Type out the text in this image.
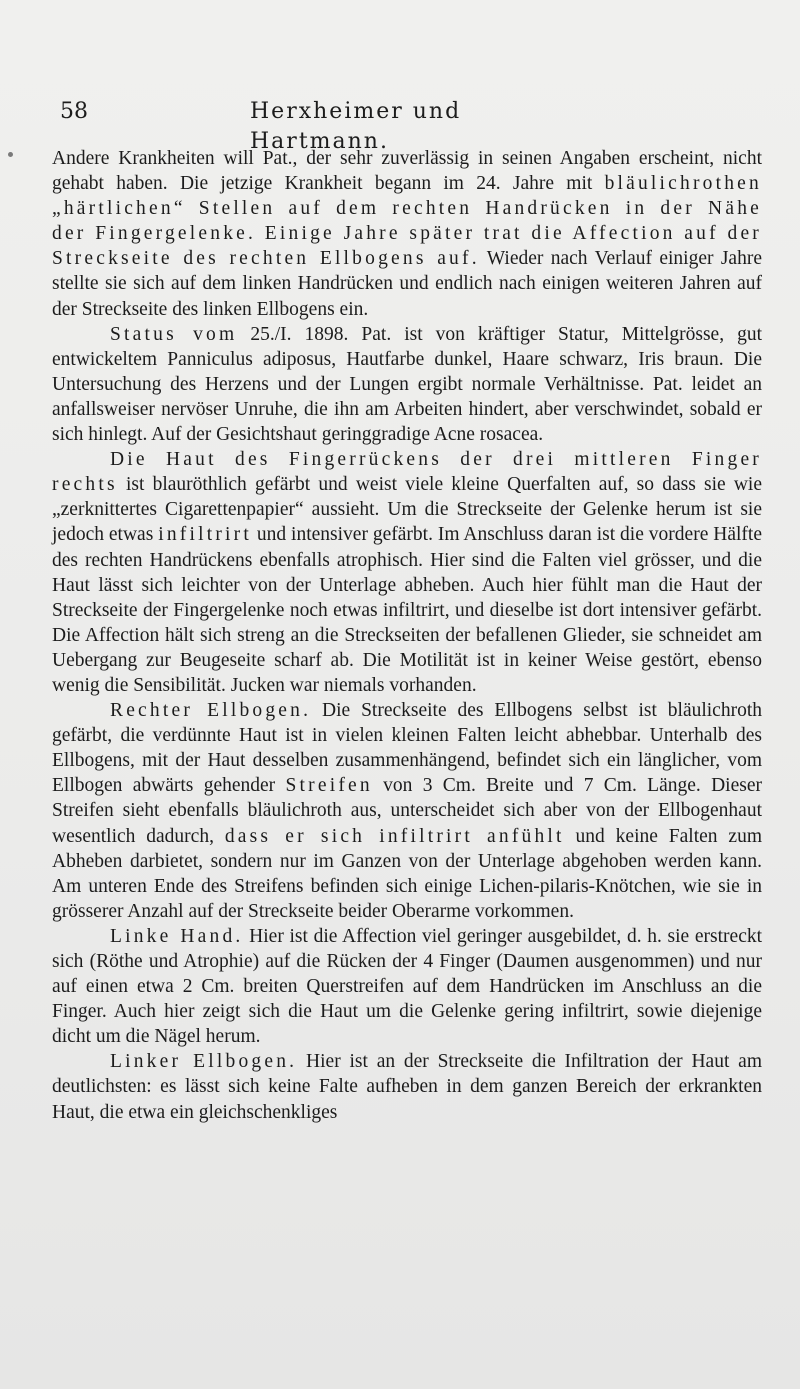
58	Herxheimer und Hartmann.

Andere Krankheiten will Pat., der sehr zuverlässig in seinen Angaben erscheint, nicht gehabt haben. Die jetzige Krankheit begann im 24. Jahre mit bläulichrothen „härtlichen“ Stellen auf dem rechten Handrücken in der Nähe der Fingergelenke. Einige Jahre später trat die Affection auf der Streckseite des rechten Ellbogens auf. Wieder nach Verlauf einiger Jahre stellte sie sich auf dem linken Handrücken und endlich nach einigen weiteren Jahren auf der Streckseite des linken Ellbogens ein.

Status vom 25./I. 1898. Pat. ist von kräftiger Statur, Mittelgrösse, gut entwickeltem Panniculus adiposus, Hautfarbe dunkel, Haare schwarz, Iris braun. Die Untersuchung des Herzens und der Lungen ergibt normale Verhältnisse. Pat. leidet an anfallsweiser nervöser Unruhe, die ihn am Arbeiten hindert, aber verschwindet, sobald er sich hinlegt. Auf der Gesichtshaut geringgradige Acne rosacea.

Die Haut des Fingerrückens der drei mittleren Finger rechts ist blauröthlich gefärbt und weist viele kleine Querfalten auf, so dass sie wie „zerknittertes Cigarettenpapier“ aussieht. Um die Streckseite der Gelenke herum ist sie jedoch etwas infiltrirt und intensiver gefärbt. Im Anschluss daran ist die vordere Hälfte des rechten Handrückens ebenfalls atrophisch. Hier sind die Falten viel grösser, und die Haut lässt sich leichter von der Unterlage abheben. Auch hier fühlt man die Haut der Streckseite der Fingergelenke noch etwas infiltrirt, und dieselbe ist dort intensiver gefärbt. Die Affection hält sich streng an die Streckseiten der befallenen Glieder, sie schneidet am Uebergang zur Beugeseite scharf ab. Die Motilität ist in keiner Weise gestört, ebenso wenig die Sensibilität. Jucken war niemals vorhanden.

Rechter Ellbogen. Die Streckseite des Ellbogens selbst ist bläulichroth gefärbt, die verdünnte Haut ist in vielen kleinen Falten leicht abhebbar. Unterhalb des Ellbogens, mit der Haut desselben zusammenhängend, befindet sich ein länglicher, vom Ellbogen abwärts gehender Streifen von 3 Cm. Breite und 7 Cm. Länge. Dieser Streifen sieht ebenfalls bläulichroth aus, unterscheidet sich aber von der Ellbogenhaut wesentlich dadurch, dass er sich infiltrirt anfühlt und keine Falten zum Abheben darbietet, sondern nur im Ganzen von der Unterlage abgehoben werden kann. Am unteren Ende des Streifens befinden sich einige Lichen-pilaris-Knötchen, wie sie in grösserer Anzahl auf der Streckseite beider Oberarme vorkommen.

Linke Hand. Hier ist die Affection viel geringer ausgebildet, d. h. sie erstreckt sich (Röthe und Atrophie) auf die Rücken der 4 Finger (Daumen ausgenommen) und nur auf einen etwa 2 Cm. breiten Querstreifen auf dem Handrücken im Anschluss an die Finger. Auch hier zeigt sich die Haut um die Gelenke gering infiltrirt, sowie diejenige dicht um die Nägel herum.

Linker Ellbogen. Hier ist an der Streckseite die Infiltration der Haut am deutlichsten: es lässt sich keine Falte aufheben in dem ganzen Bereich der erkrankten Haut, die etwa ein gleichschenkliges
